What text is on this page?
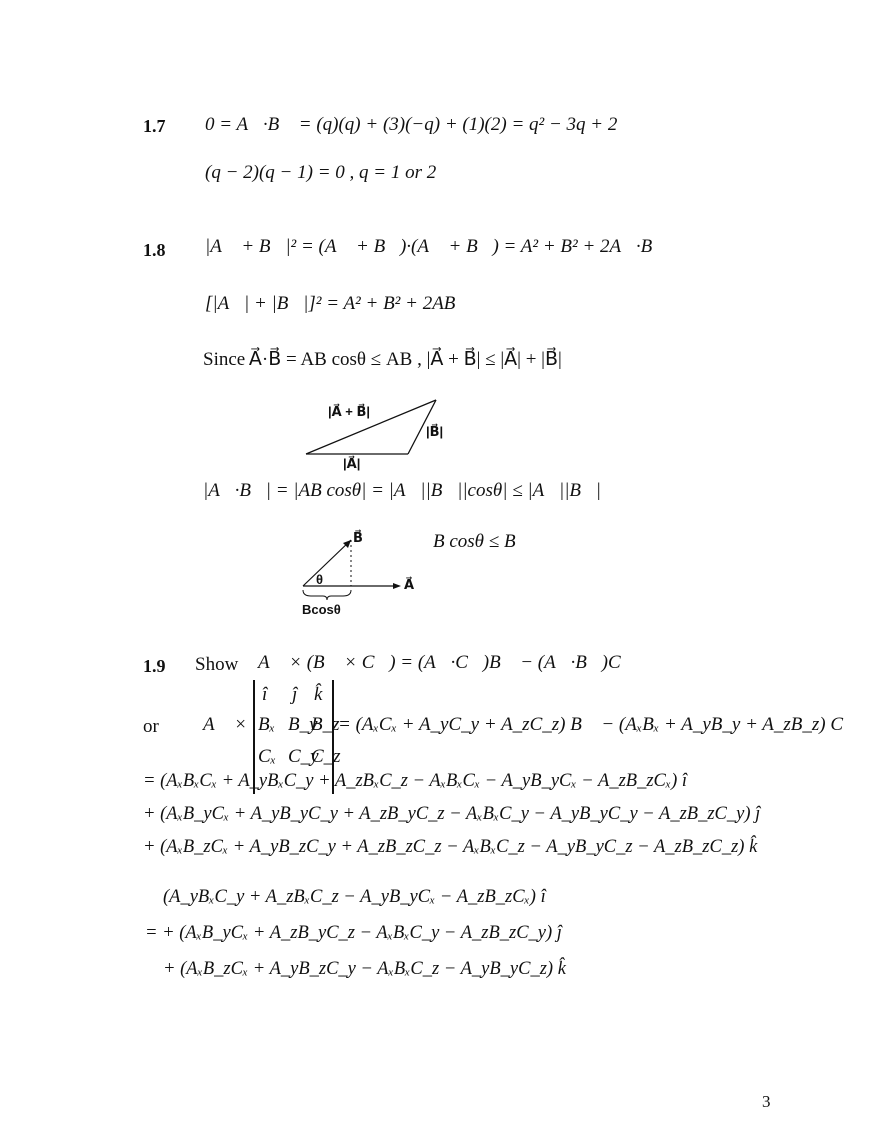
1.7 0 = A⃗·B⃗ = (q)(q) + (3)(−q) + (1)(2) = q² − 3q + 2
(q − 2)(q − 1) = 0 , q = 1 or 2
1.8 |A⃗ + B⃗|² = (A⃗ + B⃗)·(A⃗ + B⃗) = A² + B² + 2A⃗·B⃗
[|A⃗| + |B⃗|]² = A² + B² + 2AB
Since A⃗·B⃗ = AB cosθ ≤ AB , |A⃗ + B⃗| ≤ |A⃗| + |B⃗|
|A⃗ + B⃗|
|B⃗|
|A⃗|
|A⃗·B⃗| = |AB cosθ| = |A⃗||B⃗||cosθ| ≤ |A⃗||B⃗|
B⃗
θ	A⃗
Bcosθ
B cosθ ≤ B
1.9 Show A⃗ × (B⃗ × C⃗) = (A⃗·C⃗)B⃗ − (A⃗·B⃗)C⃗
or A⃗ ×
î ĵ k̂
Bₓ B_y
B_z
Cₓ C_y
C_z
= (AₓCₓ + A_yC_y + A_zC_z) B⃗ − (AₓBₓ + A_yB_y + A_zB_z) C⃗
= (AₓBₓCₓ + A_yBₓC_y + A_zBₓC_z − AₓBₓCₓ − A_yB_yCₓ − A_zB_zCₓ) î
+ (AₓB_yCₓ + A_yB_yC_y + A_zB_yC_z − AₓBₓC_y − A_yB_yC_y − A_zB_zC_y) ĵ
+ (AₓB_zCₓ + A_yB_zC_y + A_zB_zC_z − AₓBₓC_z − A_yB_yC_z − A_zB_zC_z) k̂
(A_yBₓC_y + A_zBₓC_z − A_yB_yCₓ − A_zB_zCₓ) î
= + (AₓB_yCₓ + A_zB_yC_z − AₓBₓC_y − A_zB_zC_y) ĵ
+ (AₓB_zCₓ + A_yB_zC_y − AₓBₓC_z − A_yB_yC_z) k̂
3
